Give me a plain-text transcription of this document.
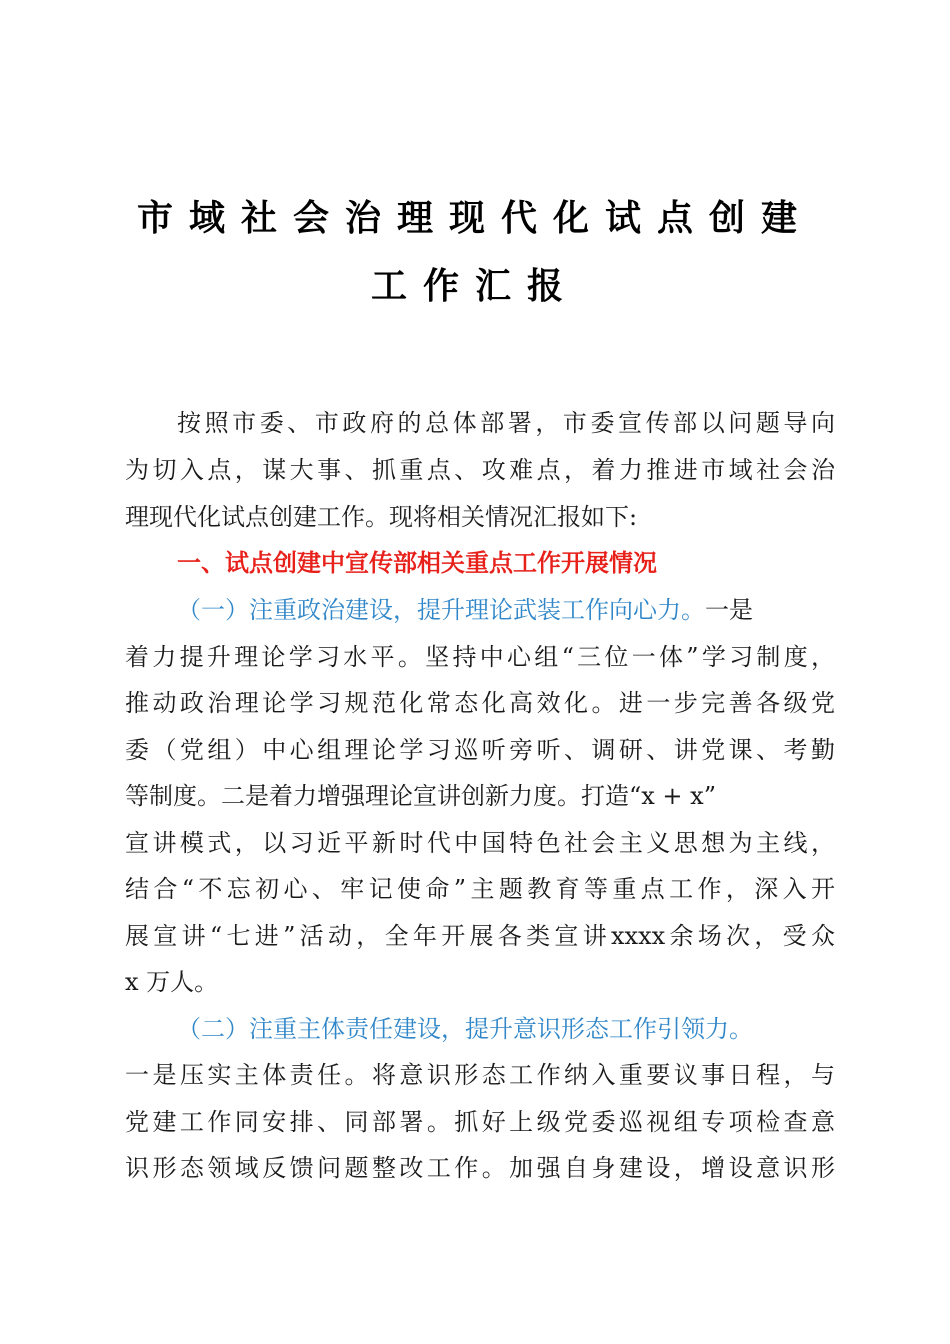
市域社会治理现代化试点创建
工作汇报
按照市委、市政府的总体部署，市委宣传部以问题导向
为切入点，谋大事、抓重点、攻难点，着力推进市域社会治
理现代化试点创建工作。现将相关情况汇报如下:
一、试点创建中宣传部相关重点工作开展情况
（一）注重政治建设，提升理论武装工作向心力。一是
着力提升理论学习水平。坚持中心组“三位一体”学习制度，
推动政治理论学习规范化常态化高效化。进一步完善各级党
委（党组）中心组理论学习巡听旁听、调研、讲党课、考勤
等制度。二是着力增强理论宣讲创新力度。打造“x + x”
宣讲模式，以习近平新时代中国特色社会主义思想为主线，
结合“不忘初心、牢记使命”主题教育等重点工作，深入开
展宣讲“七进”活动，全年开展各类宣讲xxxx余场次，受众
x 万人。
（二）注重主体责任建设，提升意识形态工作引领力。
一是压实主体责任。将意识形态工作纳入重要议事日程，与
党建工作同安排、同部署。抓好上级党委巡视组专项检查意
识形态领域反馈问题整改工作。加强自身建设，增设意识形
